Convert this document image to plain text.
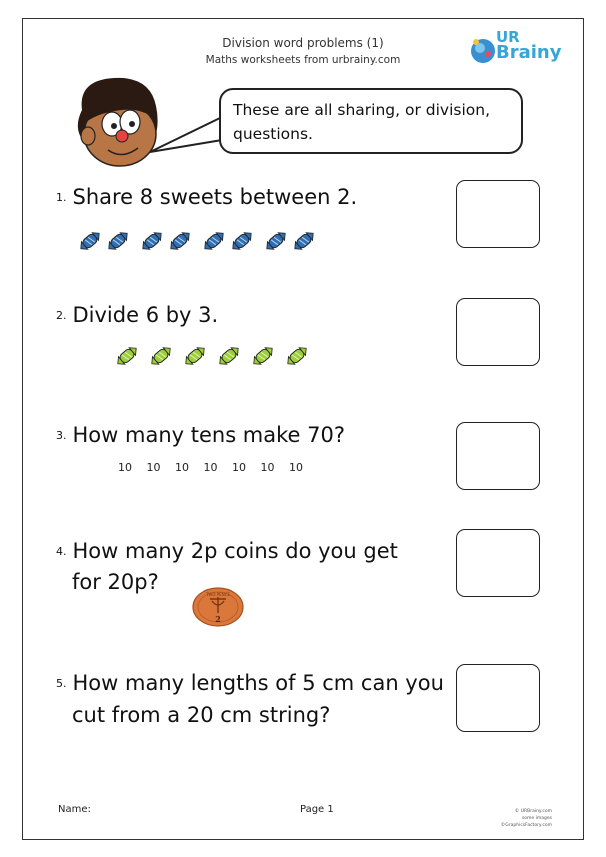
Division word problems (1)
Maths worksheets from urbrainy.com
UR
Brainy
These are all sharing, or division, questions.
1. Share 8 sweets between 2.
2. Divide 6 by 3.
3. How many tens make 70?
10	10	10	10	10	10	10
4. How many 2p coins do you get
for 20p?
TWO PENCE
2
5. How many lengths of 5 cm can you
cut from a 20 cm string?
Name:	Page 1	© URBrainy.com
some images ©GraphicsFactory.com
